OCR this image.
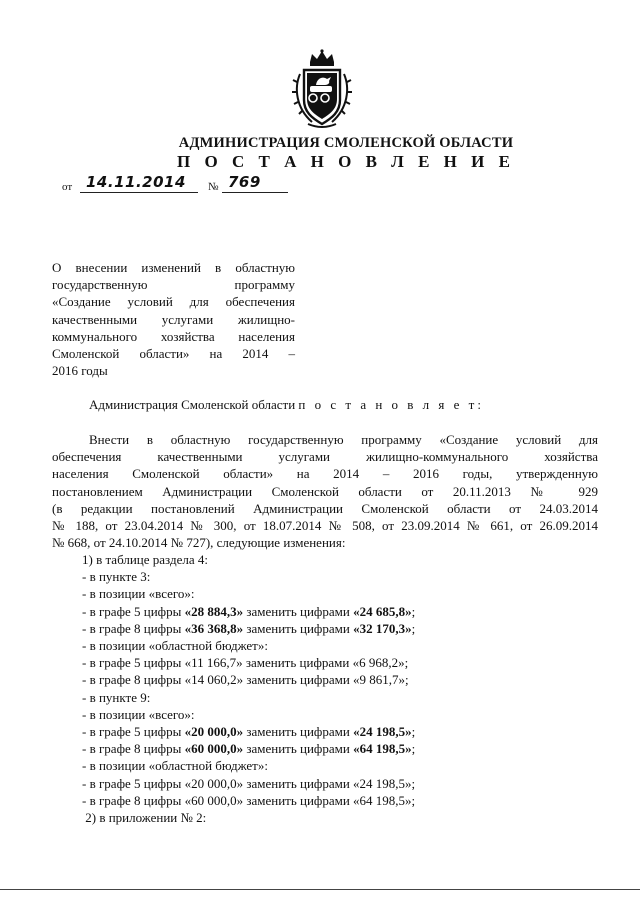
АДМИНИСТРАЦИЯ СМОЛЕНСКОЙ ОБЛАСТИ
П О С Т А Н О В Л Е Н И Е
от 14.11.2014 № 769
О внесении изменений в областную
государственную программу
«Создание условий для обеспечения
качественными услугами жилищно-
коммунального хозяйства населения
Смоленской области» на 2014 –
2016 годы
Администрация Смоленской области п о с т а н о в л я е т:
Внести в областную государственную программу «Создание условий для
обеспечения качественными услугами жилищно-коммунального хозяйства
населения Смоленской области» на 2014 – 2016 годы, утвержденную
постановлением Администрации Смоленской области от 20.11.2013 № 929
(в редакции постановлений Администрации Смоленской области от 24.03.2014
№ 188, от 23.04.2014 № 300, от 18.07.2014 № 508, от 23.09.2014 № 661, от 26.09.2014
№ 668, от 24.10.2014 № 727), следующие изменения:
1) в таблице раздела 4:
- в пункте 3:
- в позиции «всего»:
- в графе 5 цифры «28 884,3» заменить цифрами «24 685,8»;
- в графе 8 цифры «36 368,8» заменить цифрами «32 170,3»;
- в позиции «областной бюджет»:
- в графе 5 цифры «11 166,7» заменить цифрами «6 968,2»;
- в графе 8 цифры «14 060,2» заменить цифрами «9 861,7»;
- в пункте 9:
- в позиции «всего»:
- в графе 5 цифры «20 000,0» заменить цифрами «24 198,5»;
- в графе 8 цифры «60 000,0» заменить цифрами «64 198,5»;
- в позиции «областной бюджет»:
- в графе 5 цифры «20 000,0» заменить цифрами «24 198,5»;
- в графе 8 цифры «60 000,0» заменить цифрами «64 198,5»;
2) в приложении № 2:
